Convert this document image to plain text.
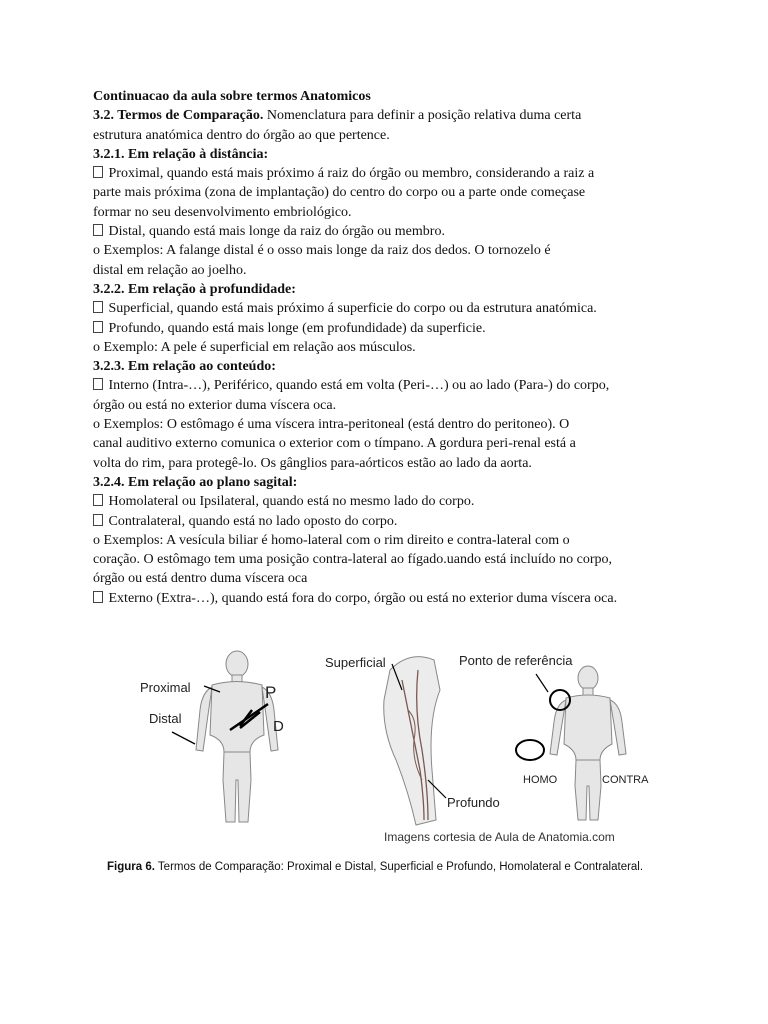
Continuacao da aula sobre termos Anatomicos

3.2. Termos de Comparação. Nomenclatura para definir a posição relativa duma certa

estrutura anatómica dentro do órgão ao que pertence.

3.2.1. Em relação à distância:

Proximal, quando está mais próximo á raiz do órgão ou membro, considerando a raiz a

parte mais próxima (zona de implantação) do centro do corpo ou a parte onde começase

formar no seu desenvolvimento embriológico.

Distal, quando está mais longe da raiz do órgão ou membro.

o Exemplos: A falange distal é o osso mais longe da raiz dos dedos. O tornozelo é

distal em relação ao joelho.

3.2.2. Em relação à profundidade:

Superficial, quando está mais próximo á superficie do corpo ou da estrutura anatómica.

Profundo, quando está mais longe (em profundidade) da superficie.

o Exemplo: A pele é superficial em relação aos músculos.

3.2.3. Em relação ao conteúdo:

Interno (Intra-…), Periférico, quando está em volta (Peri-…) ou ao lado (Para-) do corpo,

órgão ou está no exterior duma víscera oca.

o Exemplos: O estômago é uma víscera intra-peritoneal (está dentro do peritoneo). O

canal auditivo externo comunica o exterior com o tímpano. A gordura peri-renal está a

volta do rim, para protegê-lo. Os gânglios para-aórticos estão ao lado da aorta.

3.2.4. Em relação ao plano sagital:

Homolateral ou Ipsilateral, quando está no mesmo lado do corpo.

Contralateral, quando está no lado oposto do corpo.

o Exemplos: A vesícula biliar é homo-lateral com o rim direito e contra-lateral com o

coração. O estômago tem uma posição contra-lateral ao fígado.uando está incluído no corpo,

órgão ou está dentro duma víscera oca

Externo (Extra-…), quando está fora do corpo, órgão ou está no exterior duma víscera oca.

Proximal
Distal
P
D
Superficial
Profundo
Ponto de referência
HOMO	CONTRA
Imagens cortesia de Aula de Anatomia.com
Figura 6. Termos de Comparação: Proximal e Distal, Superficial e Profundo, Homolateral e Contralateral.
